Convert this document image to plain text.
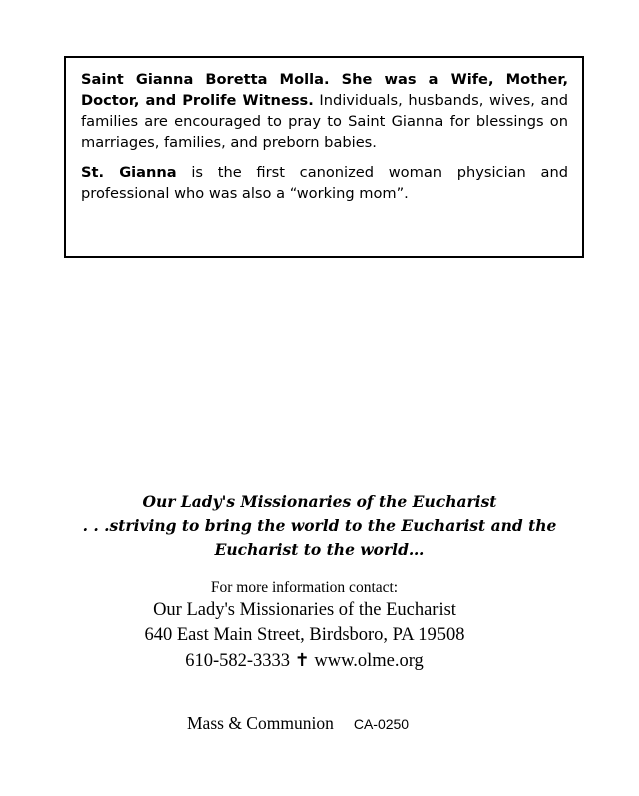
Saint Gianna Boretta Molla. She was a Wife, Mother, Doctor, and Prolife Witness. Individuals, husbands, wives, and families are encouraged to pray to Saint Gianna for blessings on marriages, families, and preborn babies.

St. Gianna is the first canonized woman physician and professional who was also a “working mom”.

Our Lady's Missionaries of the Eucharist
. . .striving to bring the world to the Eucharist and the
Eucharist to the world…
For more information contact:
Our Lady's Missionaries of the Eucharist
640 East Main Street, Birdsboro, PA 19508
610-582-3333 ✝ www.olme.org
Mass & Communion CA-0250
